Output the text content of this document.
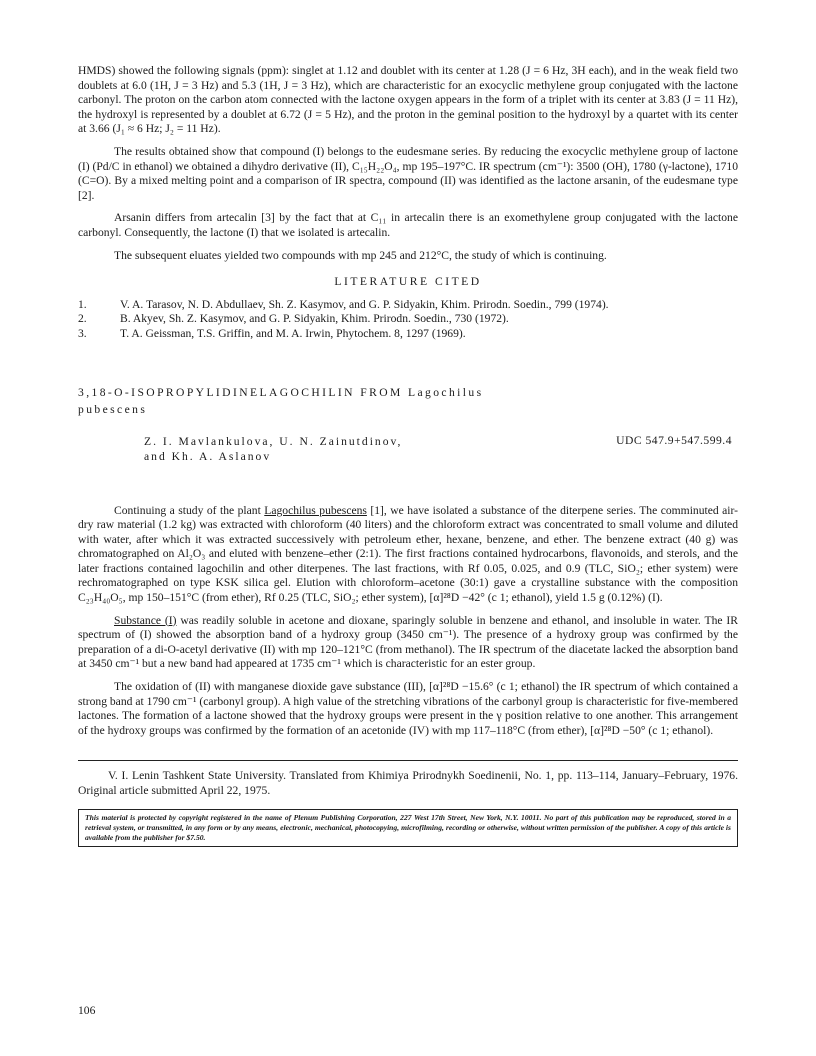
HMDS) showed the following signals (ppm): singlet at 1.12 and doublet with its center at 1.28 (J = 6 Hz, 3H each), and in the weak field two doublets at 6.0 (1H, J = 3 Hz) and 5.3 (1H, J = 3 Hz), which are characteristic for an exocyclic methylene group conjugated with the lactone carbonyl. The proton on the carbon atom connected with the lactone oxygen appears in the form of a triplet with its center at 3.83 (J = 11 Hz), the hydroxyl is represented by a doublet at 6.72 (J = 5 Hz), and the proton in the geminal position to the hydroxyl by a quartet with its center at 3.66 (J₁ ≈ 6 Hz; J₂ = 11 Hz).

The results obtained show that compound (I) belongs to the eudesmane series. By reducing the exocyclic methylene group of lactone (I) (Pd/C in ethanol) we obtained a dihydro derivative (II), C₁₅H₂₂O₄, mp 195–197°C. IR spectrum (cm⁻¹): 3500 (OH), 1780 (γ-lactone), 1710 (C=O). By a mixed melting point and a comparison of IR spectra, compound (II) was identified as the lactone arsanin, of the eudesmane type [2].

Arsanin differs from artecalin [3] by the fact that at C₁₁ in artecalin there is an exomethylene group conjugated with the lactone carbonyl. Consequently, the lactone (I) that we isolated is artecalin.

The subsequent eluates yielded two compounds with mp 245 and 212°C, the study of which is continuing.

LITERATURE CITED
1.	V. A. Tarasov, N. D. Abdullaev, Sh. Z. Kasymov, and G. P. Sidyakin, Khim. Prirodn. Soedin., 799 (1974).
2.	B. Akyev, Sh. Z. Kasymov, and G. P. Sidyakin, Khim. Prirodn. Soedin., 730 (1972).
3.	T. A. Geissman, T.S. Griffin, and M. A. Irwin, Phytochem. 8, 1297 (1969).
3,18-O-ISOPROPYLIDINELAGOCHILIN FROM Lagochilus
pubescens
Z. I. Mavlankulova, U. N. Zainutdinov,
and Kh. A. Aslanov
UDC 547.9+547.599.4

Continuing a study of the plant Lagochilus pubescens [1], we have isolated a substance of the diterpene series. The comminuted air-dry raw material (1.2 kg) was extracted with chloroform (40 liters) and the chloroform extract was concentrated to small volume and diluted with water, after which it was extracted successively with petroleum ether, hexane, benzene, and ether. The benzene extract (40 g) was chromatographed on Al₂O₃ and eluted with benzene–ether (2:1). The first fractions contained hydrocarbons, flavonoids, and sterols, and the later fractions contained lagochilin and other diterpenes. The last fractions, with Rf 0.05, 0.025, and 0.9 (TLC, SiO₂; ether system) were rechromatographed on type KSK silica gel. Elution with chloroform–acetone (30:1) gave a crystalline substance with the composition C₂₃H₄₀O₅, mp 150–151°C (from ether), Rf 0.25 (TLC, SiO₂; ether system), [α]²⁸D −42° (c 1; ethanol), yield 1.5 g (0.12%) (I).

Substance (I) was readily soluble in acetone and dioxane, sparingly soluble in benzene and ethanol, and insoluble in water. The IR spectrum of (I) showed the absorption band of a hydroxy group (3450 cm⁻¹). The presence of a hydroxy group was confirmed by the preparation of a di-O-acetyl derivative (II) with mp 120–121°C (from methanol). The IR spectrum of the diacetate lacked the absorption band at 3450 cm⁻¹ but a new band had appeared at 1735 cm⁻¹ which is characteristic for an ester group.

The oxidation of (II) with manganese dioxide gave substance (III), [α]²⁸D −15.6° (c 1; ethanol) the IR spectrum of which contained a strong band at 1790 cm⁻¹ (carbonyl group). A high value of the stretching vibrations of the carbonyl group is characteristic for five-membered lactones. The formation of a lactone showed that the hydroxy groups were present in the γ position relative to one another. This arrangement of the hydroxy groups was confirmed by the formation of an acetonide (IV) with mp 117–118°C (from ether), [α]²⁸D −50° (c 1; ethanol).

V. I. Lenin Tashkent State University. Translated from Khimiya Prirodnykh Soedinenii, No. 1, pp. 113–114, January–February, 1976. Original article submitted April 22, 1975.

This material is protected by copyright registered in the name of Plenum Publishing Corporation, 227 West 17th Street, New York, N.Y. 10011. No part of this publication may be reproduced, stored in a retrieval system, or transmitted, in any form or by any means, electronic, mechanical, photocopying, microfilming, recording or otherwise, without written permission of the publisher. A copy of this article is available from the publisher for $7.50.
106
